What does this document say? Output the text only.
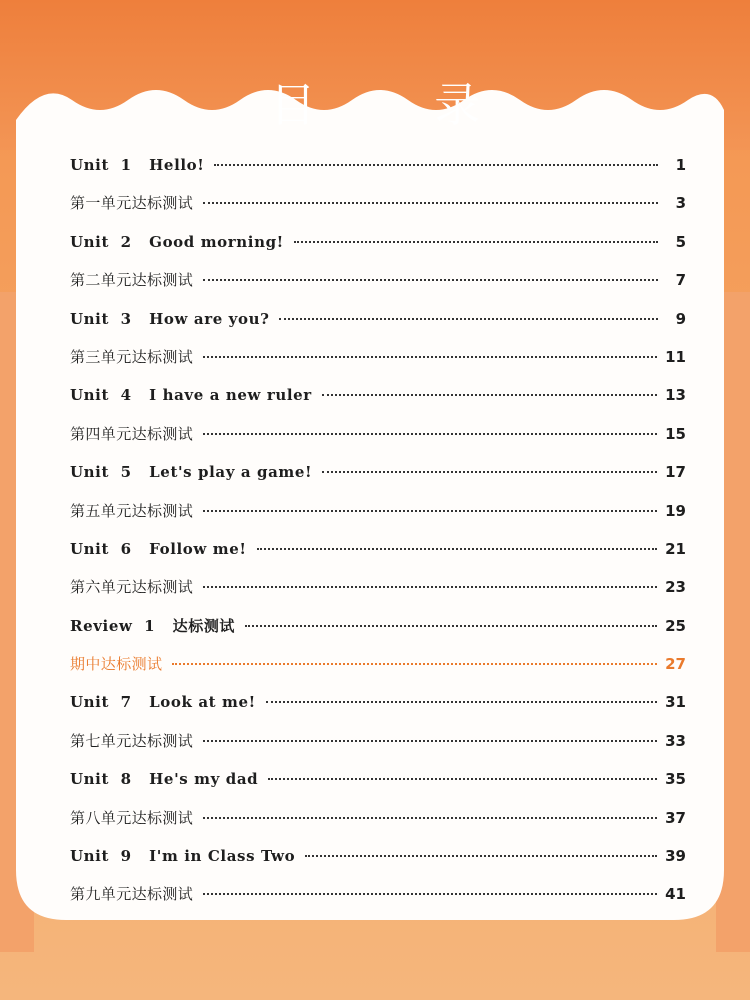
目 录
Unit  1   Hello!	1
第一单元达标测试	3
Unit  2   Good morning!	5
第二单元达标测试	7
Unit  3   How are you?	9
第三单元达标测试	11
Unit  4   I have a new ruler	13
第四单元达标测试	15
Unit  5   Let's play a game!	17
第五单元达标测试	19
Unit  6   Follow me!	21
第六单元达标测试	23
Review  1   达标测试	25
期中达标测试	27
Unit  7   Look at me!	31
第七单元达标测试	33
Unit  8   He's my dad	35
第八单元达标测试	37
Unit  9   I'm in Class Two	39
第九单元达标测试	41
